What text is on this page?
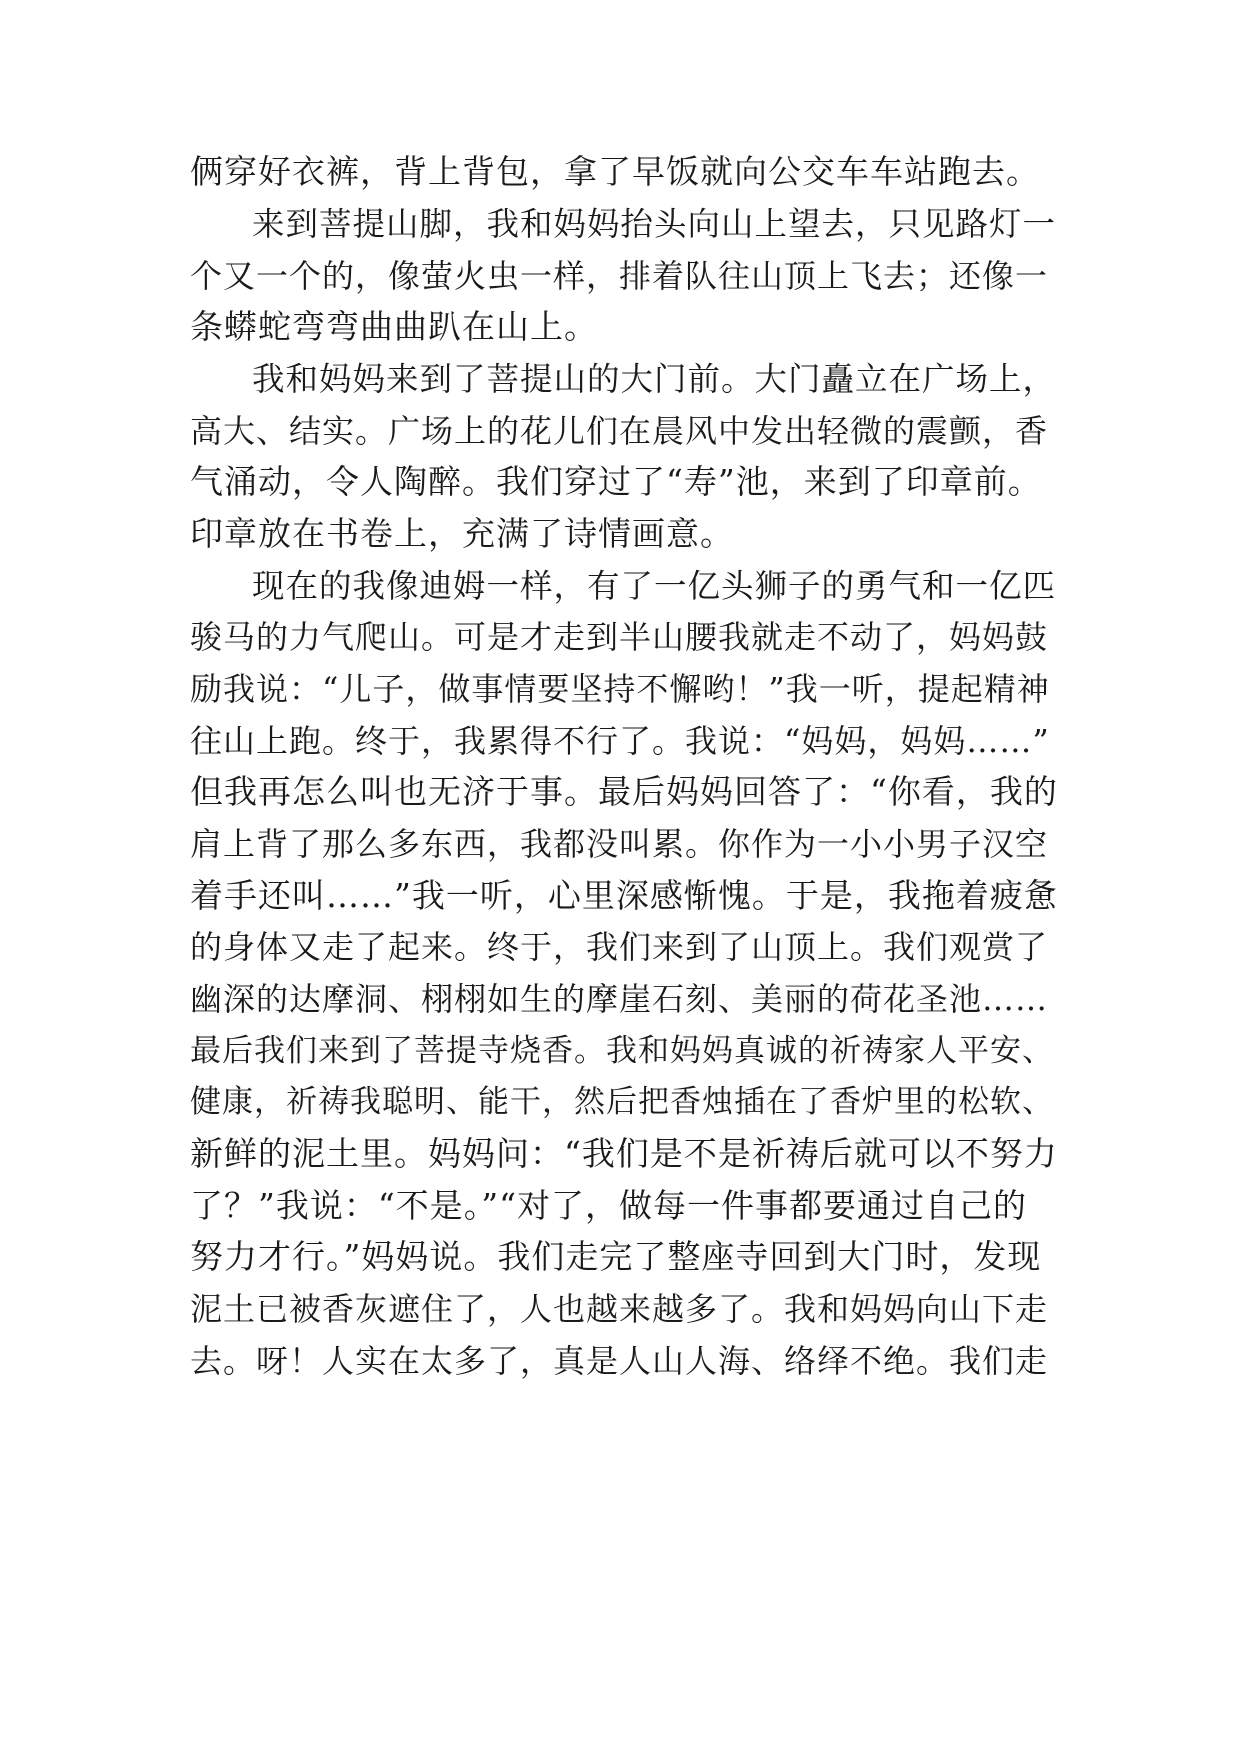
俩穿好衣裤，背上背包，拿了早饭就向公交车车站跑去。
来到菩提山脚，我和妈妈抬头向山上望去，只见路灯一
个又一个的，像萤火虫一样，排着队往山顶上飞去；还像一
条蟒蛇弯弯曲曲趴在山上。
我和妈妈来到了菩提山的大门前。大门矗立在广场上，
高大、结实。广场上的花儿们在晨风中发出轻微的震颤，香
气涌动，令人陶醉。我们穿过了“寿”池，来到了印章前。
印章放在书卷上，充满了诗情画意。
现在的我像迪姆一样，有了一亿头狮子的勇气和一亿匹
骏马的力气爬山。可是才走到半山腰我就走不动了，妈妈鼓
励我说：“儿子，做事情要坚持不懈哟！”我一听，提起精神
往山上跑。终于，我累得不行了。我说：“妈妈，妈妈……”
但我再怎么叫也无济于事。最后妈妈回答了：“你看，我的
肩上背了那么多东西，我都没叫累。你作为一小小男子汉空
着手还叫……”我一听，心里深感惭愧。于是，我拖着疲惫
的身体又走了起来。终于，我们来到了山顶上。我们观赏了
幽深的达摩洞、栩栩如生的摩崖石刻、美丽的荷花圣池……
最后我们来到了菩提寺烧香。我和妈妈真诚的祈祷家人平安、
健康，祈祷我聪明、能干，然后把香烛插在了香炉里的松软、
新鲜的泥土里。妈妈问：“我们是不是祈祷后就可以不努力
了？”我说：“不是。”“对了，做每一件事都要通过自己的
努力才行。”妈妈说。我们走完了整座寺回到大门时，发现
泥土已被香灰遮住了，人也越来越多了。我和妈妈向山下走
去。呀！人实在太多了，真是人山人海、络绎不绝。我们走
